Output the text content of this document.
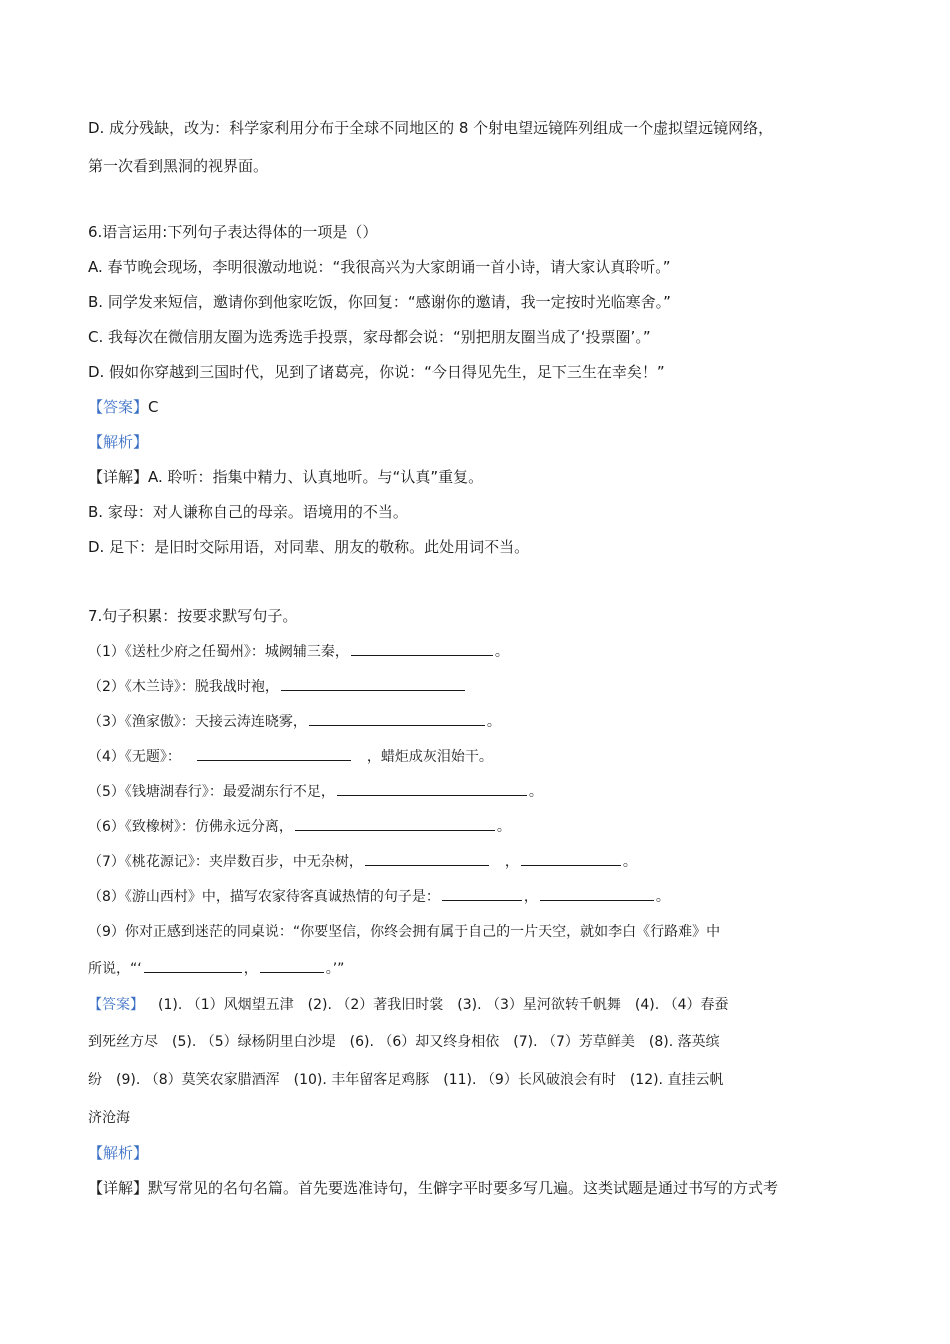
D. 成分残缺，改为：科学家利用分布于全球不同地区的 8 个射电望远镜阵列组成一个虚拟望远镜网络，
第一次看到黑洞的视界面。
6.语言运用:下列句子表达得体的一项是（）
A. 春节晚会现场，李明很激动地说：“我很高兴为大家朗诵一首小诗，请大家认真聆听。”
B. 同学发来短信，邀请你到他家吃饭，你回复：“感谢你的邀请，我一定按时光临寒舍。”
C. 我每次在微信朋友圈为选秀选手投票，家母都会说：“别把朋友圈当成了‘投票圈’。”
D. 假如你穿越到三国时代，见到了诸葛亮，你说：“今日得见先生，足下三生在幸矣！”
【答案】C
【解析】
【详解】A. 聆听：指集中精力、认真地听。与“认真”重复。
B. 家母：对人谦称自己的母亲。语境用的不当。
D. 足下：是旧时交际用语，对同辈、朋友的敬称。此处用词不当。
7.句子积累：按要求默写句子。
（1）《送杜少府之任蜀州》：城阙辅三秦，	。
（2）《木兰诗》：脱我战时袍，
（3）《渔家傲》：天接云涛连晓雾，	。
（4）《无题》：	，蜡炬成灰泪始干。
（5）《钱塘湖春行》：最爱湖东行不足，	。
（6）《致橡树》：仿佛永远分离，	。
（7）《桃花源记》：夹岸数百步，中无杂树，	，	。
（8）《游山西村》中，描写农家待客真诚热情的句子是：	，	。
（9）你对正感到迷茫的同桌说：“你要坚信，你终会拥有属于自己的一片天空，就如李白《行路难》中
所说，“‘	，	。’”
【答案】 (1). （1）风烟望五津　(2). （2）著我旧时裳　(3). （3）星河欲转千帆舞　(4). （4）春蚕
到死丝方尽　(5). （5）绿杨阴里白沙堤　(6). （6）却又终身相依　(7). （7）芳草鲜美　(8). 落英缤
纷　(9). （8）莫笑农家腊酒浑　(10). 丰年留客足鸡豚　(11). （9）长风破浪会有时　(12). 直挂云帆
济沧海
【解析】
【详解】默写常见的名句名篇。首先要选准诗句，生僻字平时要多写几遍。这类试题是通过书写的方式考
